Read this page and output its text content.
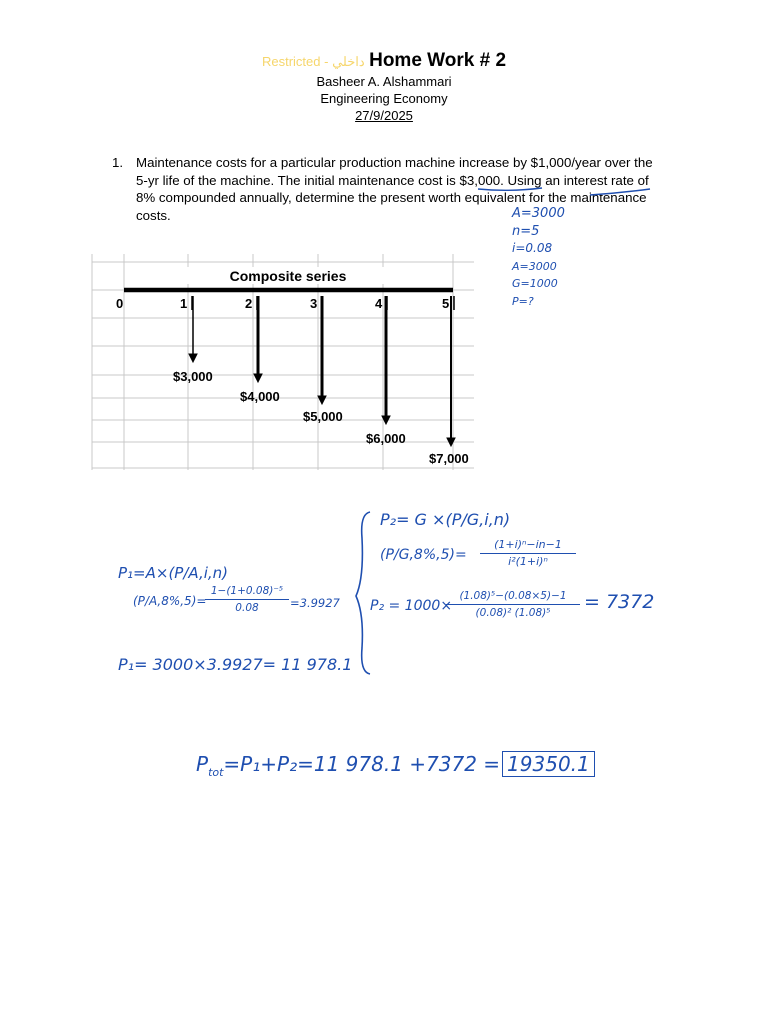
Restricted - داخلي Home Work # 2
Basheer A. Alshammari
Engineering Economy
27/9/2025
1. Maintenance costs for a particular production machine increase by $1,000/year over the
5-yr life of the machine. The initial maintenance cost is $3,000. Using an interest rate of
8% compounded annually, determine the present worth equivalent for the maintenance
costs.	A=3000
n=5
i=0.08
A=3000
G=1000
P=?
Composite series
0	1	2	3	4	5
$3,000
$4,000
$5,000
$6,000
$7,000
P₁=A×(P/A,i,n)
(P/A,8%,5)=
1−(1+0.08)⁻⁵
0.08	=3.9927
P₁= 3000×3.9927= 11 978.1
P₂= G ×(P/G,i,n)
(P/G,8%,5)=
(1+i)ⁿ−in−1
i²(1+i)ⁿ
P₂ = 1000×
(1.08)⁵−(0.08×5)−1
(0.08)² (1.08)⁵	= 7372
$P_{tot}=P_1+P_2=11$ 978.1 +7372 = 19350.1
